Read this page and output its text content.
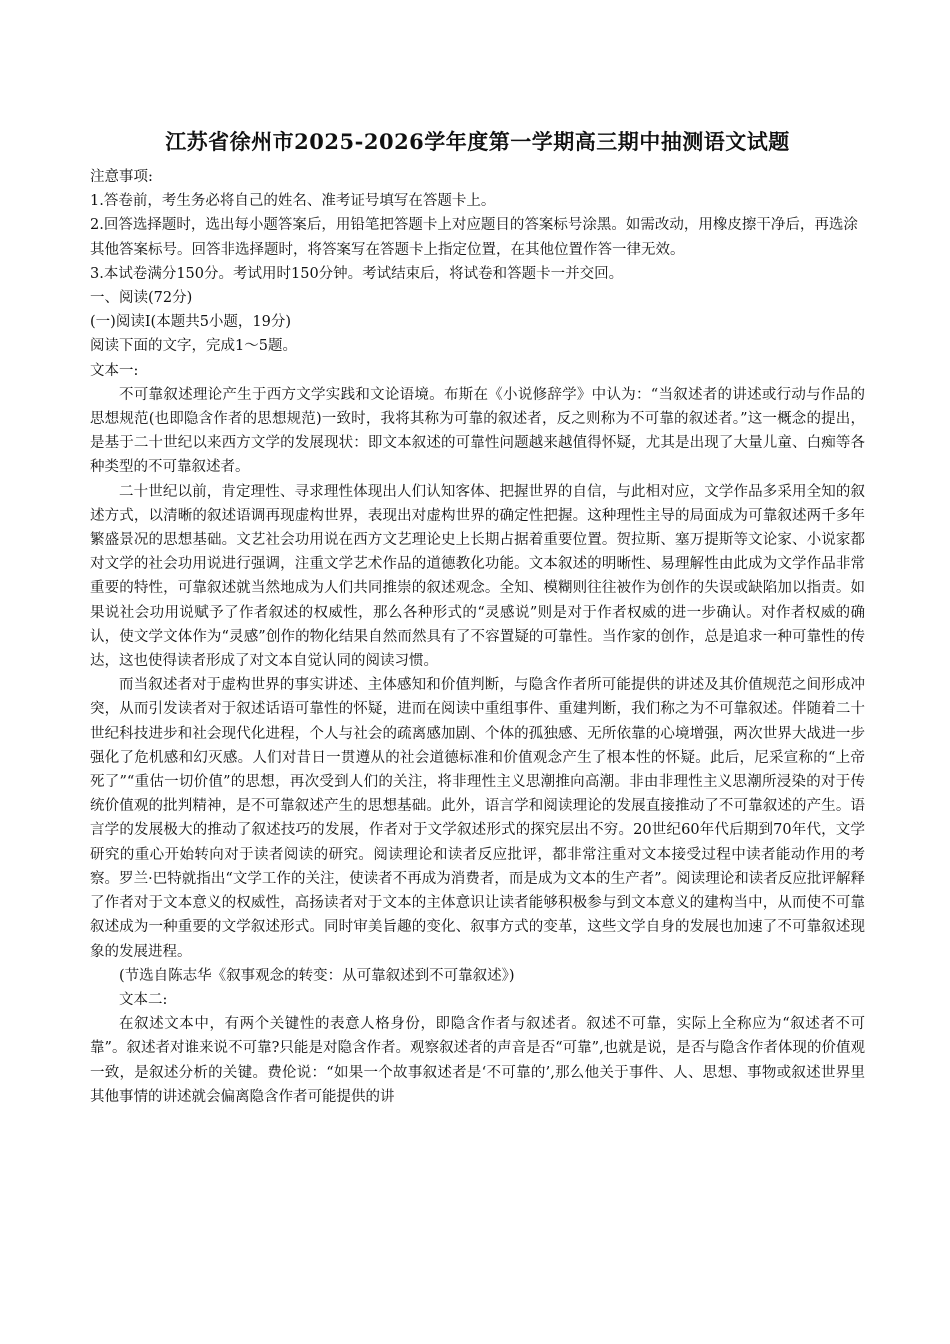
江苏省徐州市2025-2026学年度第一学期高三期中抽测语文试题

注意事项:

1.答卷前，考生务必将自己的姓名、准考证号填写在答题卡上。

2.回答选择题时，选出每小题答案后，用铅笔把答题卡上对应题目的答案标号涂黑。如需改动，用橡皮擦干净后，再选涂其他答案标号。回答非选择题时，将答案写在答题卡上指定位置，在其他位置作答一律无效。

3.本试卷满分150分。考试用时150分钟。考试结束后，将试卷和答题卡一并交回。

一、阅读(72分)

(一)阅读Ⅰ(本题共5小题，19分)

阅读下面的文字，完成1～5题。

文本一:

不可靠叙述理论产生于西方文学实践和文论语境。布斯在《小说修辞学》中认为：“当叙述者的讲述或行动与作品的思想规范(也即隐含作者的思想规范)一致时，我将其称为可靠的叙述者，反之则称为不可靠的叙述者。”这一概念的提出，是基于二十世纪以来西方文学的发展现状：即文本叙述的可靠性问题越来越值得怀疑，尤其是出现了大量儿童、白痴等各种类型的不可靠叙述者。

二十世纪以前，肯定理性、寻求理性体现出人们认知客体、把握世界的自信，与此相对应，文学作品多采用全知的叙述方式，以清晰的叙述语调再现虚构世界，表现出对虚构世界的确定性把握。这种理性主导的局面成为可靠叙述两千多年繁盛景况的思想基础。文艺社会功用说在西方文艺理论史上长期占据着重要位置。贺拉斯、塞万提斯等文论家、小说家都对文学的社会功用说进行强调，注重文学艺术作品的道德教化功能。文本叙述的明晰性、易理解性由此成为文学作品非常重要的特性，可靠叙述就当然地成为人们共同推崇的叙述观念。全知、模糊则往往被作为创作的失误或缺陷加以指责。如果说社会功用说赋予了作者叙述的权威性，那么各种形式的“灵感说”则是对于作者权威的进一步确认。对作者权威的确认，使文学文体作为“灵感”创作的物化结果自然而然具有了不容置疑的可靠性。当作家的创作，总是追求一种可靠性的传达，这也使得读者形成了对文本自觉认同的阅读习惯。

而当叙述者对于虚构世界的事实讲述、主体感知和价值判断，与隐含作者所可能提供的讲述及其价值规范之间形成冲突，从而引发读者对于叙述话语可靠性的怀疑，进而在阅读中重组事件、重建判断，我们称之为不可靠叙述。伴随着二十世纪科技进步和社会现代化进程，个人与社会的疏离感加剧、个体的孤独感、无所依靠的心境增强，两次世界大战进一步强化了危机感和幻灭感。人们对昔日一贯遵从的社会道德标准和价值观念产生了根本性的怀疑。此后，尼采宣称的“上帝死了”“重估一切价值”的思想，再次受到人们的关注，将非理性主义思潮推向高潮。非由非理性主义思潮所浸染的对于传统价值观的批判精神，是不可靠叙述产生的思想基础。此外，语言学和阅读理论的发展直接推动了不可靠叙述的产生。语言学的发展极大的推动了叙述技巧的发展，作者对于文学叙述形式的探究层出不穷。20世纪60年代后期到70年代，文学研究的重心开始转向对于读者阅读的研究。阅读理论和读者反应批评，都非常注重对文本接受过程中读者能动作用的考察。罗兰·巴特就指出“文学工作的关注，使读者不再成为消费者，而是成为文本的生产者”。阅读理论和读者反应批评解释了作者对于文本意义的权威性，高扬读者对于文本的主体意识让读者能够积极参与到文本意义的建构当中，从而使不可靠叙述成为一种重要的文学叙述形式。同时审美旨趣的变化、叙事方式的变革，这些文学自身的发展也加速了不可靠叙述现象的发展进程。

(节选自陈志华《叙事观念的转变：从可靠叙述到不可靠叙述》)

文本二:

在叙述文本中，有两个关键性的表意人格身份，即隐含作者与叙述者。叙述不可靠，实际上全称应为“叙述者不可靠”。叙述者对谁来说不可靠?只能是对隐含作者。观察叙述者的声音是否“可靠”,也就是说，是否与隐含作者体现的价值观一致，是叙述分析的关键。费伦说：“如果一个故事叙述者是‘不可靠的’,那么他关于事件、人、思想、事物或叙述世界里其他事情的讲述就会偏离隐含作者可能提供的讲
